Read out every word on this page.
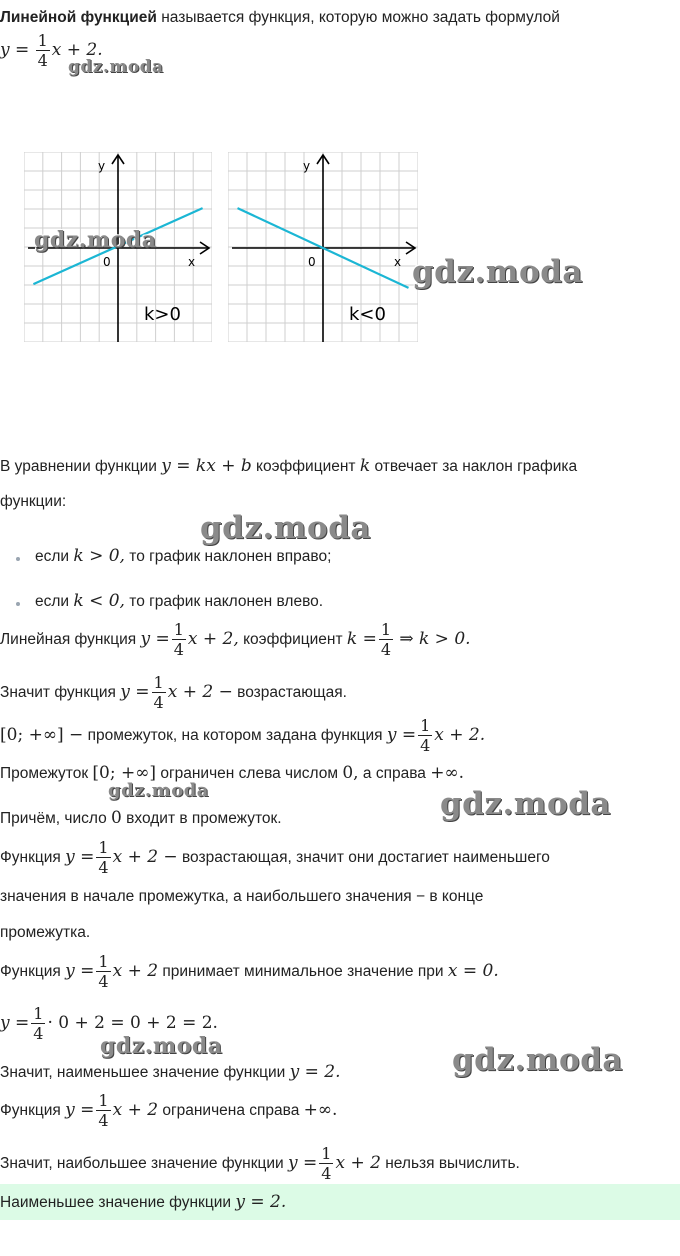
Линейной функцией называется функция, которую можно задать формулой
$y = \frac{1}{4}$ x + 2.
y
x
0
k>0
y
x
0
k<0
В уравнении функции y = kx + b коэффициент k отвечает за наклон графика
функции:
если k > 0, то график наклонен вправо;
если k < 0, то график наклонен влево.
Линейная функция $y = \frac{1}{4}$ x + 2, коэффициент $k = \frac{1}{4}$ ⇒ k > 0.
Значит функция $y = \frac{1}{4}$ x + 2 − возрастающая.
[0; +∞] − промежуток, на котором задана функция $y = \frac{1}{4}$ x + 2.
Промежуток [0; +∞] ограничен слева числом 0, а справа +∞.
Причём, число 0 входит в промежуток.
Функция $y = \frac{1}{4}$ x + 2 − возрастающая, значит они достагиет наименьшего
значения в начале промежутка, а наибольшего значения − в конце
промежутка.
Функция $y = \frac{1}{4}$ x + 2 принимает минимальное значение при x = 0.
$y = \frac{1}{4} \cdot 0 + 2 = 0 + 2 = 2$.
Значит, наименьшее значение функции y = 2.
Функция $y = \frac{1}{4}$ x + 2 ограничена справа +∞.
Значит, наибольшее значение функции $y = \frac{1}{4}$ x + 2 нельзя вычислить.
Наименьшее значение функции y = 2.
gdz.moda
gdz.moda
gdz.moda
gdz.moda
gdz.moda	gdz.moda
gdz.moda	gdz.moda
